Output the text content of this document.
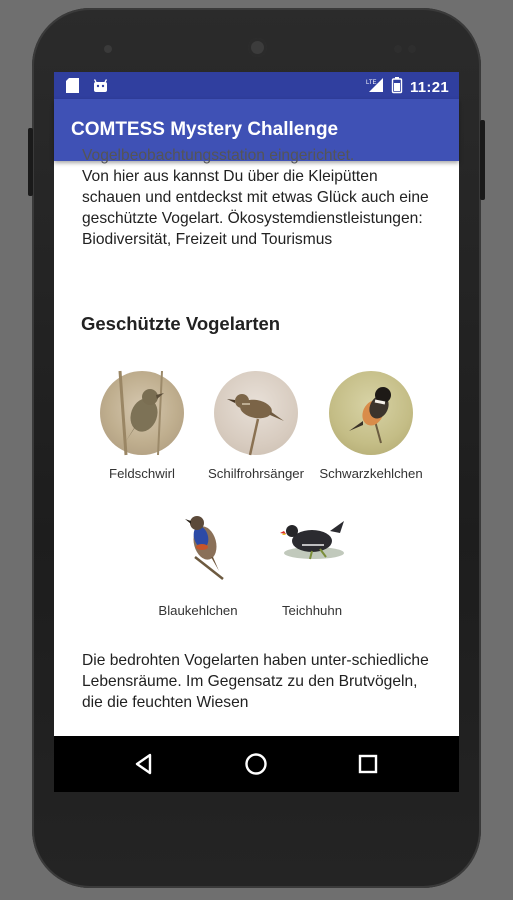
LTE 11:21
COMTESS Mystery Challenge
Vogelbeobachtungsstation eingerichtet.
Von hier aus kannst Du über die Kleipütten schauen und entdeckst mit etwas Glück auch eine geschützte Vogelart. Ökosystemdienstleistungen: Biodiversität, Freizeit und Tourismus
Geschützte Vogelarten
Feldschwirl	Schilfrohrsänger Schwarzkehlchen
Blaukehlchen	Teichhuhn
Die bedrohten Vogelarten haben unter-schiedliche Lebensräume. Im Gegensatz zu den Brutvögeln, die die feuchten Wiesen
